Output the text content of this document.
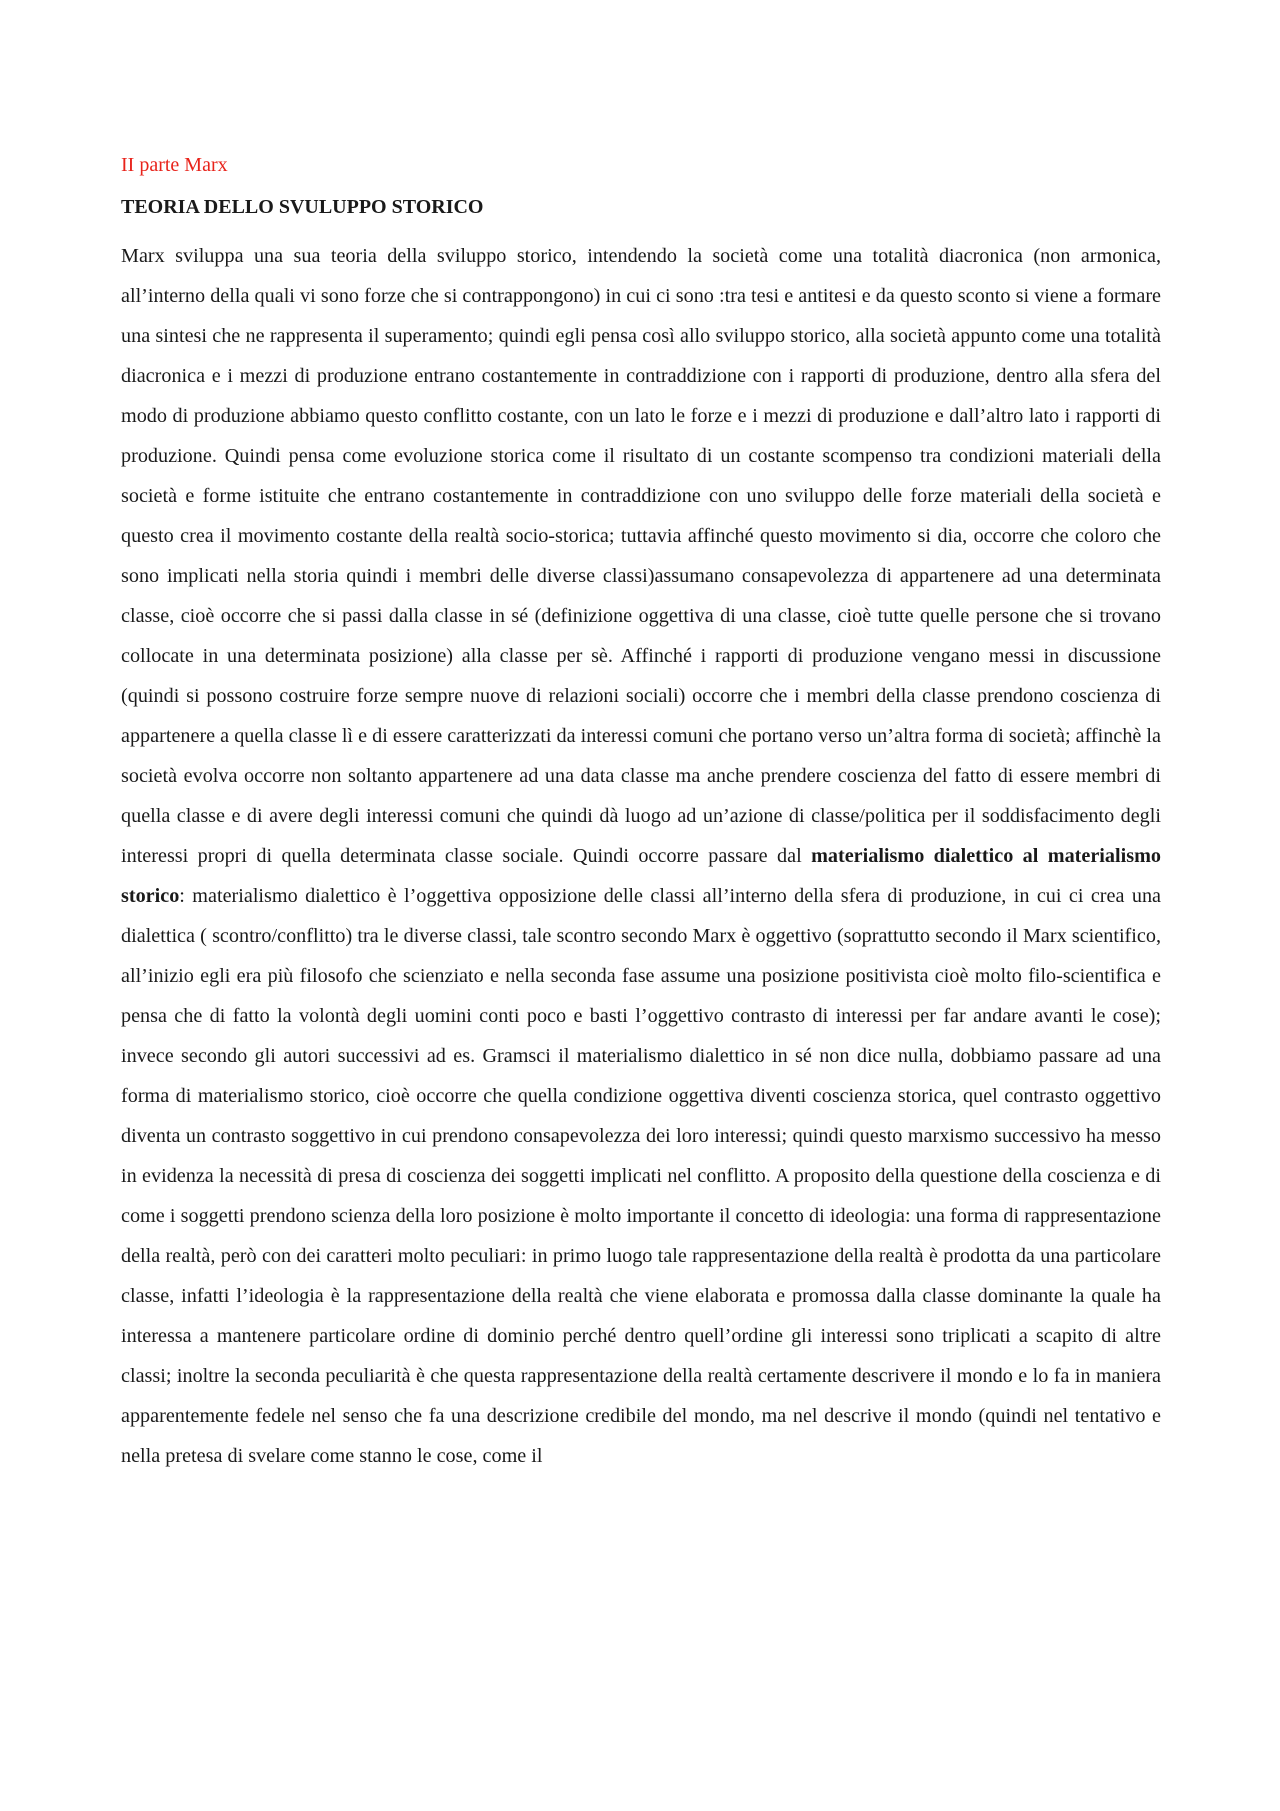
II parte Marx

TEORIA DELLO SVULUPPO STORICO

Marx sviluppa una sua teoria della sviluppo storico, intendendo la società come una totalità diacronica (non armonica, all’interno della quali vi sono forze che si contrappongono) in cui ci sono :tra tesi e antitesi e da questo sconto si viene a formare una sintesi che ne rappresenta il superamento; quindi egli pensa così allo sviluppo storico, alla società appunto come una totalità diacronica e i mezzi di produzione entrano costantemente in contraddizione con i rapporti di produzione, dentro alla sfera del modo di produzione abbiamo questo conflitto costante, con un lato le forze e i mezzi di produzione e dall’altro lato i rapporti di produzione. Quindi pensa come evoluzione storica come il risultato di un costante scompenso tra condizioni materiali della società e forme istituite che entrano costantemente in contraddizione con uno sviluppo delle forze materiali della società e questo crea il movimento costante della realtà socio-storica; tuttavia affinché questo movimento si dia, occorre che coloro che sono implicati nella storia quindi i membri delle diverse classi)assumano consapevolezza di appartenere ad una determinata classe, cioè occorre che si passi dalla classe in sé (definizione oggettiva di una classe, cioè tutte quelle persone che si trovano collocate in una determinata posizione) alla classe per sè. Affinché i rapporti di produzione vengano messi in discussione (quindi si possono costruire forze sempre nuove di relazioni sociali) occorre che i membri della classe prendono coscienza di appartenere a quella classe lì e di essere caratterizzati da interessi comuni che portano verso un’altra forma di società; affinchè la società evolva occorre non soltanto appartenere ad una data classe ma anche prendere coscienza del fatto di essere membri di quella classe e di avere degli interessi comuni che quindi dà luogo ad un’azione di classe/politica per il soddisfacimento degli interessi propri di quella determinata classe sociale. Quindi occorre passare dal materialismo dialettico al materialismo storico: materialismo dialettico è l’oggettiva opposizione delle classi all’interno della sfera di produzione, in cui ci crea una dialettica ( scontro/conflitto) tra le diverse classi, tale scontro secondo Marx è oggettivo (soprattutto secondo il Marx scientifico, all’inizio egli era più filosofo che scienziato e nella seconda fase assume una posizione positivista cioè molto filo-scientifica e pensa che di fatto la volontà degli uomini conti poco e basti l’oggettivo contrasto di interessi per far andare avanti le cose); invece secondo gli autori successivi ad es. Gramsci il materialismo dialettico in sé non dice nulla, dobbiamo passare ad una forma di materialismo storico, cioè occorre che quella condizione oggettiva diventi coscienza storica, quel contrasto oggettivo diventa un contrasto soggettivo in cui prendono consapevolezza dei loro interessi; quindi questo marxismo successivo ha messo in evidenza la necessità di presa di coscienza dei soggetti implicati nel conflitto. A proposito della questione della coscienza e di come i soggetti prendono scienza della loro posizione è molto importante il concetto di ideologia: una forma di rappresentazione della realtà, però con dei caratteri molto peculiari: in primo luogo tale rappresentazione della realtà è prodotta da una particolare classe, infatti l’ideologia è la rappresentazione della realtà che viene elaborata e promossa dalla classe dominante la quale ha interessa a mantenere particolare ordine di dominio perché dentro quell’ordine gli interessi sono triplicati a scapito di altre classi; inoltre la seconda peculiarità è che questa rappresentazione della realtà certamente descrivere il mondo e lo fa in maniera apparentemente fedele nel senso che fa una descrizione credibile del mondo, ma nel descrive il mondo (quindi nel tentativo e nella pretesa di svelare come stanno le cose, come il
